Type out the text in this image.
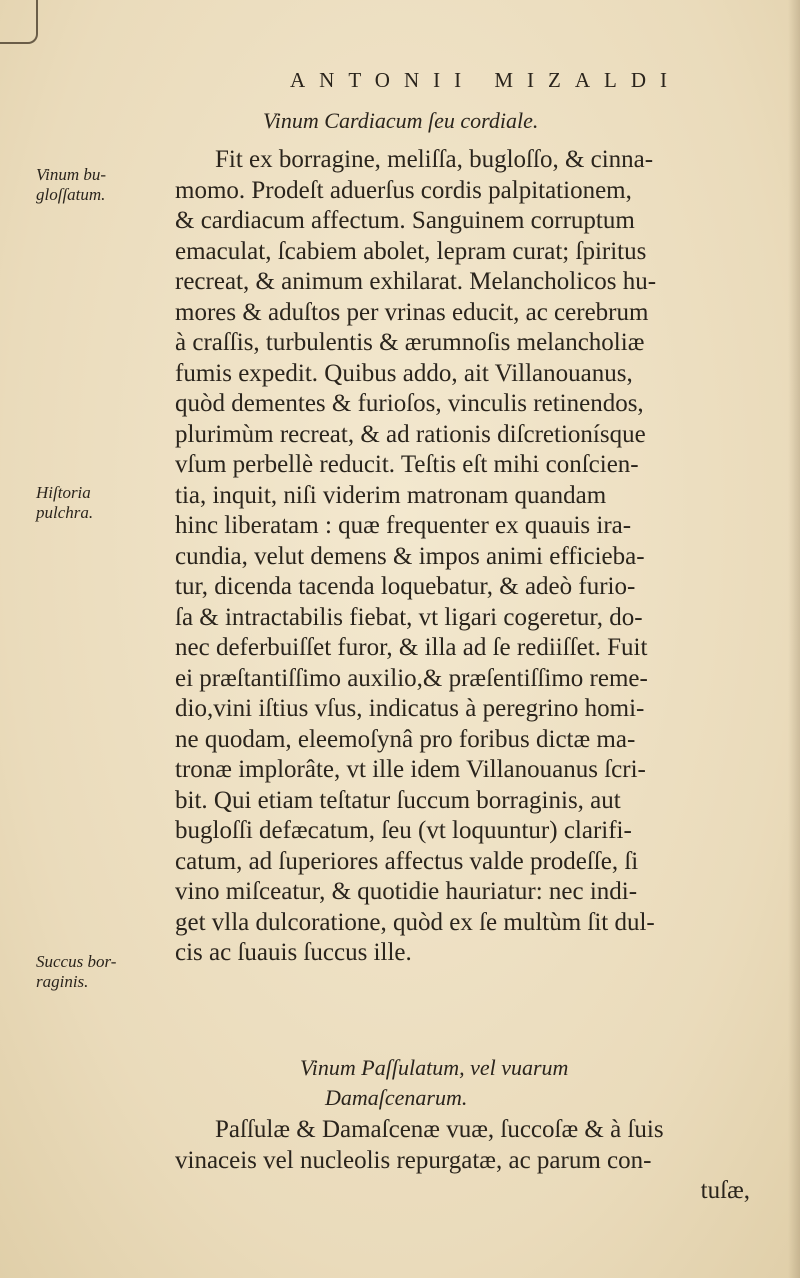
ANTONII MIZALDI
Vinum Cardiacum ſeu cordiale.
Vinum bu-
gloſſatum.
Hiſtoria
pulchra.
Succus bor-
raginis.
Fit ex borragine, meliſſa, bugloſſo, & cinna-
momo. Prodeſt aduerſus cordis palpitationem,
& cardiacum affectum. Sanguinem corruptum
emaculat, ſcabiem abolet, lepram curat; ſpiritus
recreat, & animum exhilarat. Melancholicos hu-
mores & aduſtos per vrinas educit, ac cerebrum
à craſſis, turbulentis & ærumnoſis melancholiæ
fumis expedit. Quibus addo, ait Villanouanus,
quòd dementes & furioſos, vinculis retinendos,
plurimùm recreat, & ad rationis diſcretionísque
vſum perbellè reducit. Teſtis eſt mihi conſcien-
tia, inquit, niſi viderim matronam quandam
hinc liberatam : quæ frequenter ex quauis ira-
cundia, velut demens & impos animi efficieba-
tur, dicenda tacenda loquebatur, & adeò furio-
ſa & intractabilis fiebat, vt ligari cogeretur, do-
nec deferbuiſſet furor, & illa ad ſe rediiſſet. Fuit
ei præſtantiſſimo auxilio,& præſentiſſimo reme-
dio,vini iſtius vſus, indicatus à peregrino homi-
ne quodam, eleemoſynâ pro foribus dictæ ma-
tronæ implorâte, vt ille idem Villanouanus ſcri-
bit. Qui etiam teſtatur ſuccum borraginis, aut
bugloſſi defæcatum, ſeu (vt loquuntur) clarifi-
catum, ad ſuperiores affectus valde prodeſſe, ſi
vino miſceatur, & quotidie hauriatur: nec indi-
get vlla dulcoratione, quòd ex ſe multùm ſit dul-
cis ac ſuauis ſuccus ille.
Vinum Paſſulatum, vel vuarum
Damaſcenarum.
Paſſulæ & Damaſcenæ vuæ, ſuccoſæ & à ſuis
vinaceis vel nucleolis repurgatæ, ac parum con-
tuſæ,
